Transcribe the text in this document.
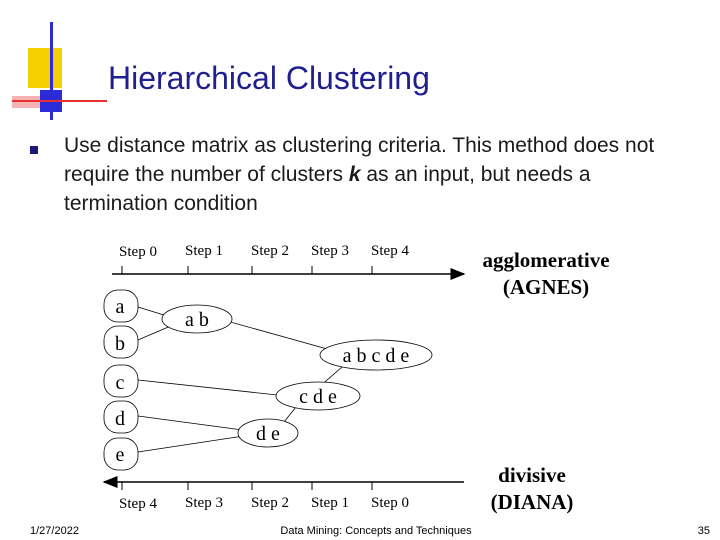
Hierarchical Clustering
Use distance matrix as clustering criteria. This method does not require the number of clusters k as an input, but needs a termination condition
Step 0 Step 1 Step 2 Step 3 Step 4	agglomerative
(AGNES)
a
b
c
d
e
a b
a b c d e
c d e
d e
Step 4 Step 3 Step 2 Step 1 Step 0
divisive
(DIANA)
1/27/2022	Data Mining: Concepts and Techniques	35
